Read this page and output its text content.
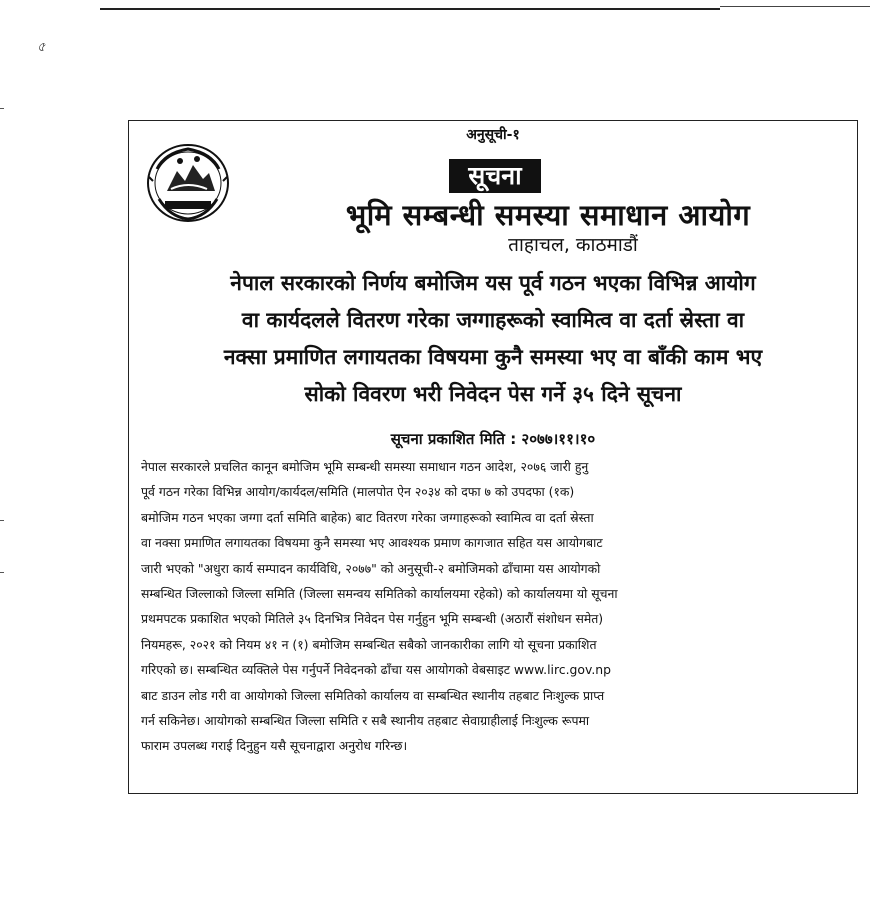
৫
अनुसूची-१
सूचना
भूमि सम्बन्धी समस्या समाधान आयोग
ताहाचल, काठमाडौं
नेपाल सरकारको निर्णय बमोजिम यस पूर्व गठन भएका विभिन्न आयोग
वा कार्यदलले वितरण गरेका जग्गाहरूको स्वामित्व वा दर्ता स्रेस्ता वा
नक्सा प्रमाणित लगायतका विषयमा कुनै समस्या भए वा बाँकी काम भए
सोको विवरण भरी निवेदन पेस गर्ने ३५ दिने सूचना
सूचना प्रकाशित मिति : २०७७।११।१०
नेपाल सरकारले प्रचलित कानून बमोजिम भूमि सम्बन्धी समस्या समाधान गठन आदेश, २०७६ जारी हुनु
पूर्व गठन गरेका विभिन्न आयोग/कार्यदल/समिति (मालपोत ऐन २०३४ को दफा ७ को उपदफा (१क)
बमोजिम गठन भएका जग्गा दर्ता समिति बाहेक) बाट वितरण गरेका जग्गाहरूको स्वामित्व वा दर्ता स्रेस्ता
वा नक्सा प्रमाणित लगायतका विषयमा कुनै समस्या भए आवश्यक प्रमाण कागजात सहित यस आयोगबाट
जारी भएको "अधुरा कार्य सम्पादन कार्यविधि, २०७७" को अनुसूची-२ बमोजिमको ढाँचामा यस आयोगको
सम्बन्धित जिल्लाको जिल्ला समिति (जिल्ला समन्वय समितिको कार्यालयमा रहेको) को कार्यालयमा यो सूचना
प्रथमपटक प्रकाशित भएको मितिले ३५ दिनभित्र निवेदन पेस गर्नुहुन भूमि सम्बन्धी (अठारौं संशोधन समेत)
नियमहरू, २०२१ को नियम ४१ न (१) बमोजिम सम्बन्धित सबैको जानकारीका लागि यो सूचना प्रकाशित
गरिएको छ। सम्बन्धित व्यक्तिले पेस गर्नुपर्ने निवेदनको ढाँचा यस आयोगको वेबसाइट www.lirc.gov.np
बाट डाउन लोड गरी वा आयोगको जिल्ला समितिको कार्यालय वा सम्बन्धित स्थानीय तहबाट निःशुल्क प्राप्त
गर्न सकिनेछ। आयोगको सम्बन्धित जिल्ला समिति र सबै स्थानीय तहबाट सेवाग्राहीलाई निःशुल्क रूपमा
फाराम उपलब्ध गराई दिनुहुन यसै सूचनाद्वारा अनुरोध गरिन्छ।
